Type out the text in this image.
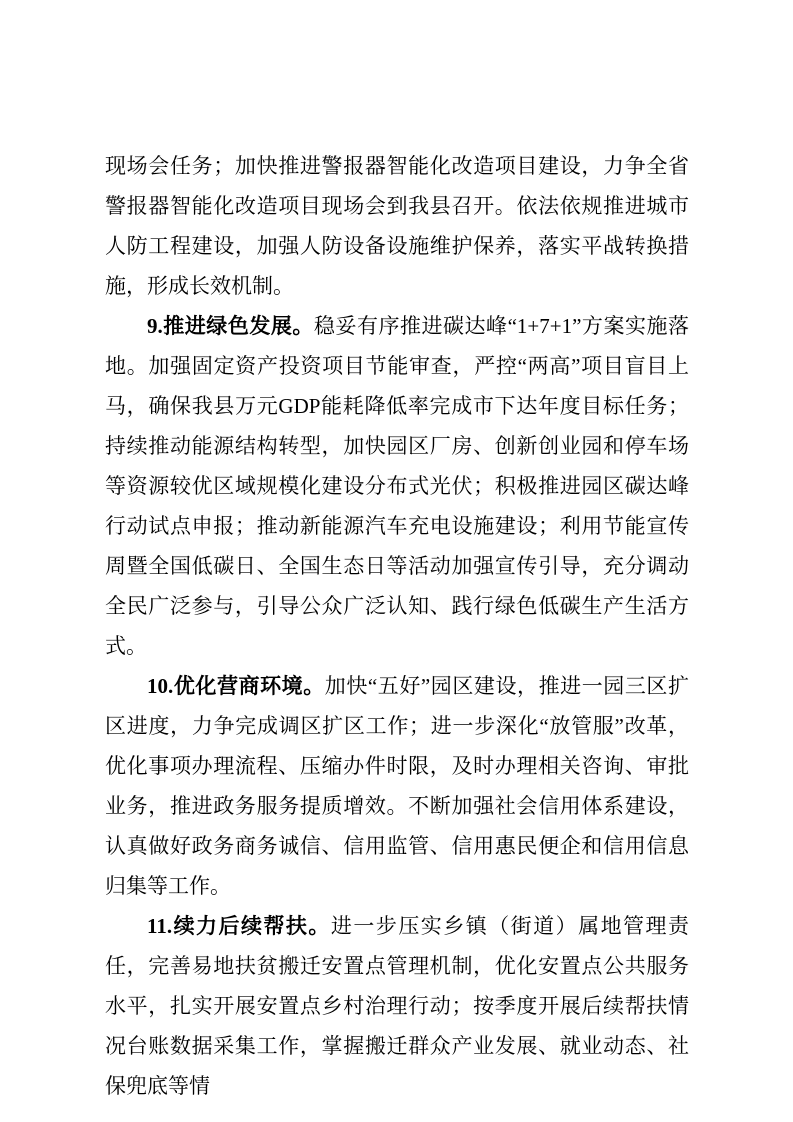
现场会任务；加快推进警报器智能化改造项目建设，力争全省警报器智能化改造项目现场会到我县召开。依法依规推进城市人防工程建设，加强人防设备设施维护保养，落实平战转换措施，形成长效机制。

9.推进绿色发展。稳妥有序推进碳达峰“1+7+1”方案实施落地。加强固定资产投资项目节能审查，严控“两高”项目盲目上马，确保我县万元GDP能耗降低率完成市下达年度目标任务；持续推动能源结构转型，加快园区厂房、创新创业园和停车场等资源较优区域规模化建设分布式光伏；积极推进园区碳达峰行动试点申报；推动新能源汽车充电设施建设；利用节能宣传周暨全国低碳日、全国生态日等活动加强宣传引导，充分调动全民广泛参与，引导公众广泛认知、践行绿色低碳生产生活方式。

10.优化营商环境。加快“五好”园区建设，推进一园三区扩区进度，力争完成调区扩区工作；进一步深化“放管服”改革，优化事项办理流程、压缩办件时限，及时办理相关咨询、审批业务，推进政务服务提质增效。不断加强社会信用体系建设，认真做好政务商务诚信、信用监管、信用惠民便企和信用信息归集等工作。

11.续力后续帮扶。进一步压实乡镇（街道）属地管理责任，完善易地扶贫搬迁安置点管理机制，优化安置点公共服务水平，扎实开展安置点乡村治理行动；按季度开展后续帮扶情况台账数据采集工作，掌握搬迁群众产业发展、就业动态、社保兜底等情
